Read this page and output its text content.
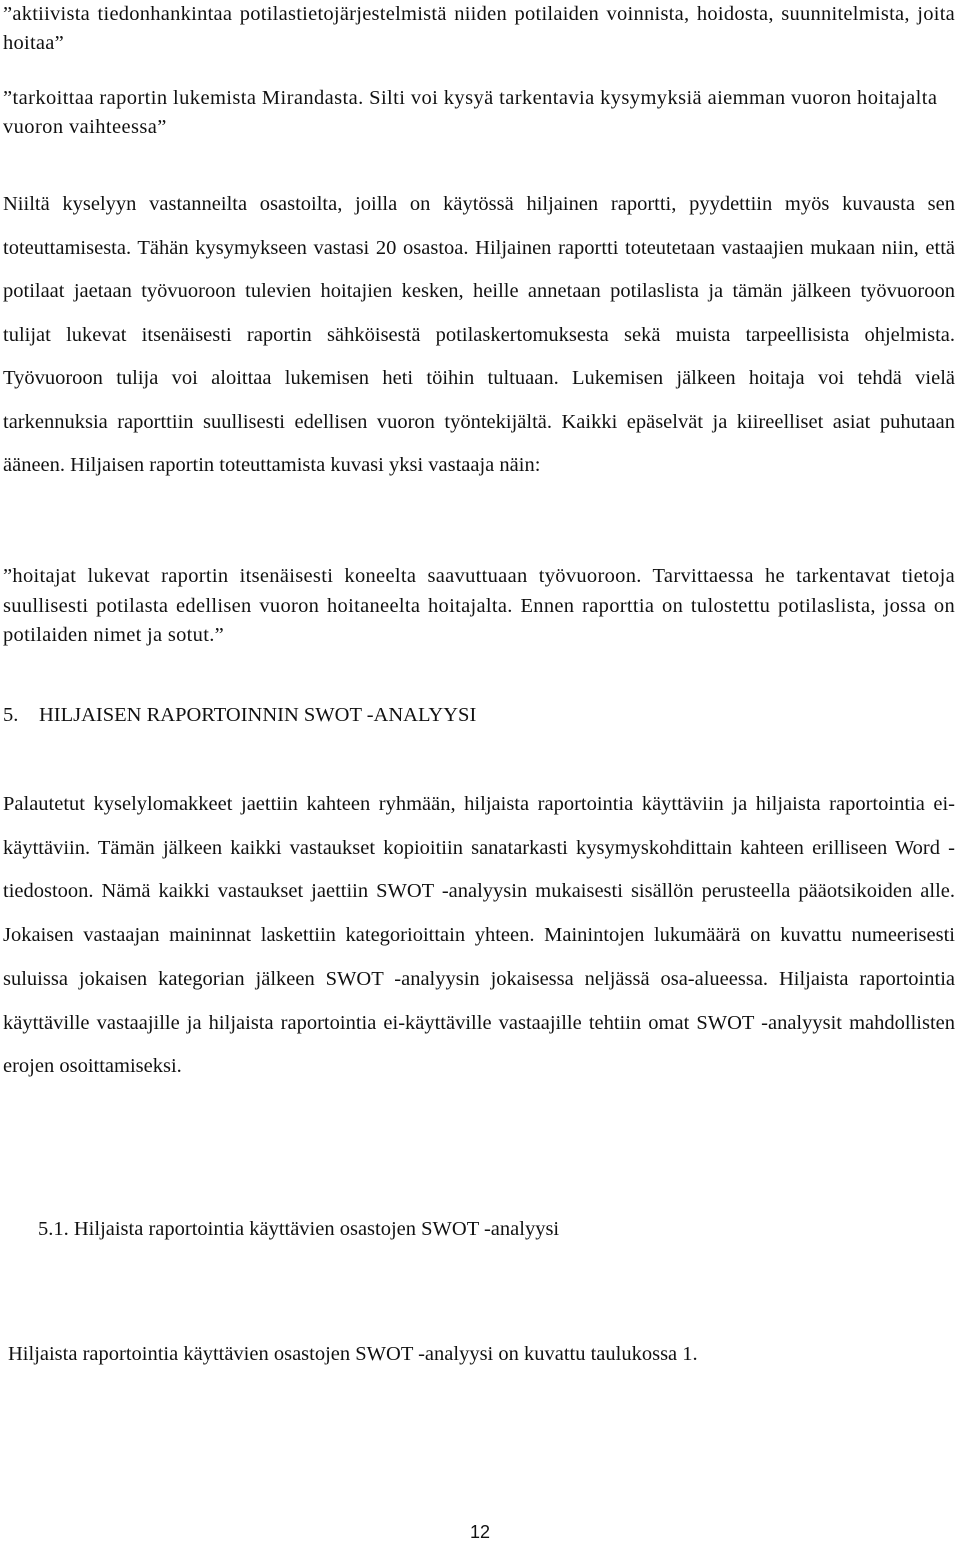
”aktiivista tiedonhankintaa potilastietojärjestelmistä niiden potilaiden voinnista, hoidosta, suunnitelmista, joita hoitaa”

”tarkoittaa raportin lukemista Mirandasta. Silti voi kysyä tarkentavia kysymyksiä aiemman vuoron hoitajalta vuoron vaihteessa”

Niiltä kyselyyn vastanneilta osastoilta, joilla on käytössä hiljainen raportti, pyydettiin myös kuvausta sen toteuttamisesta. Tähän kysymykseen vastasi 20 osastoa. Hiljainen raportti toteutetaan vastaajien mukaan niin, että potilaat jaetaan työvuoroon tulevien hoitajien kesken, heille annetaan potilaslista ja tämän jälkeen työvuoroon tulijat lukevat itsenäisesti raportin sähköisestä potilaskertomuksesta sekä muista tarpeellisista ohjelmista. Työvuoroon tulija voi aloittaa lukemisen heti töihin tultuaan. Lukemisen jälkeen hoitaja voi tehdä vielä tarkennuksia raporttiin suullisesti edellisen vuoron työntekijältä. Kaikki epäselvät ja kiireelliset asiat puhutaan ääneen. Hiljaisen raportin toteuttamista kuvasi yksi vastaaja näin:

”hoitajat lukevat raportin itsenäisesti koneelta saavuttuaan työvuoroon. Tarvittaessa he tarkentavat tietoja suullisesti potilasta edellisen vuoron hoitaneelta hoitajalta. Ennen raporttia on tulostettu potilaslista, jossa on potilaiden nimet ja sotut.”

5. HILJAISEN RAPORTOINNIN SWOT -ANALYYSI

Palautetut kyselylomakkeet jaettiin kahteen ryhmään, hiljaista raportointia käyttäviin ja hiljaista raportointia ei-käyttäviin. Tämän jälkeen kaikki vastaukset kopioitiin sanatarkasti kysymyskohdittain kahteen erilliseen Word -tiedostoon. Nämä kaikki vastaukset jaettiin SWOT -analyysin mukaisesti sisällön perusteella pääotsikoiden alle. Jokaisen vastaajan maininnat laskettiin kategorioittain yhteen. Mainintojen lukumäärä on kuvattu numeerisesti suluissa jokaisen kategorian jälkeen SWOT -analyysin jokaisessa neljässä osa-alueessa. Hiljaista raportointia käyttäville vastaajille ja hiljaista raportointia ei-käyttäville vastaajille tehtiin omat SWOT -analyysit mahdollisten erojen osoittamiseksi.

5.1. Hiljaista raportointia käyttävien osastojen SWOT -analyysi

Hiljaista raportointia käyttävien osastojen SWOT -analyysi on kuvattu taulukossa 1.

12
